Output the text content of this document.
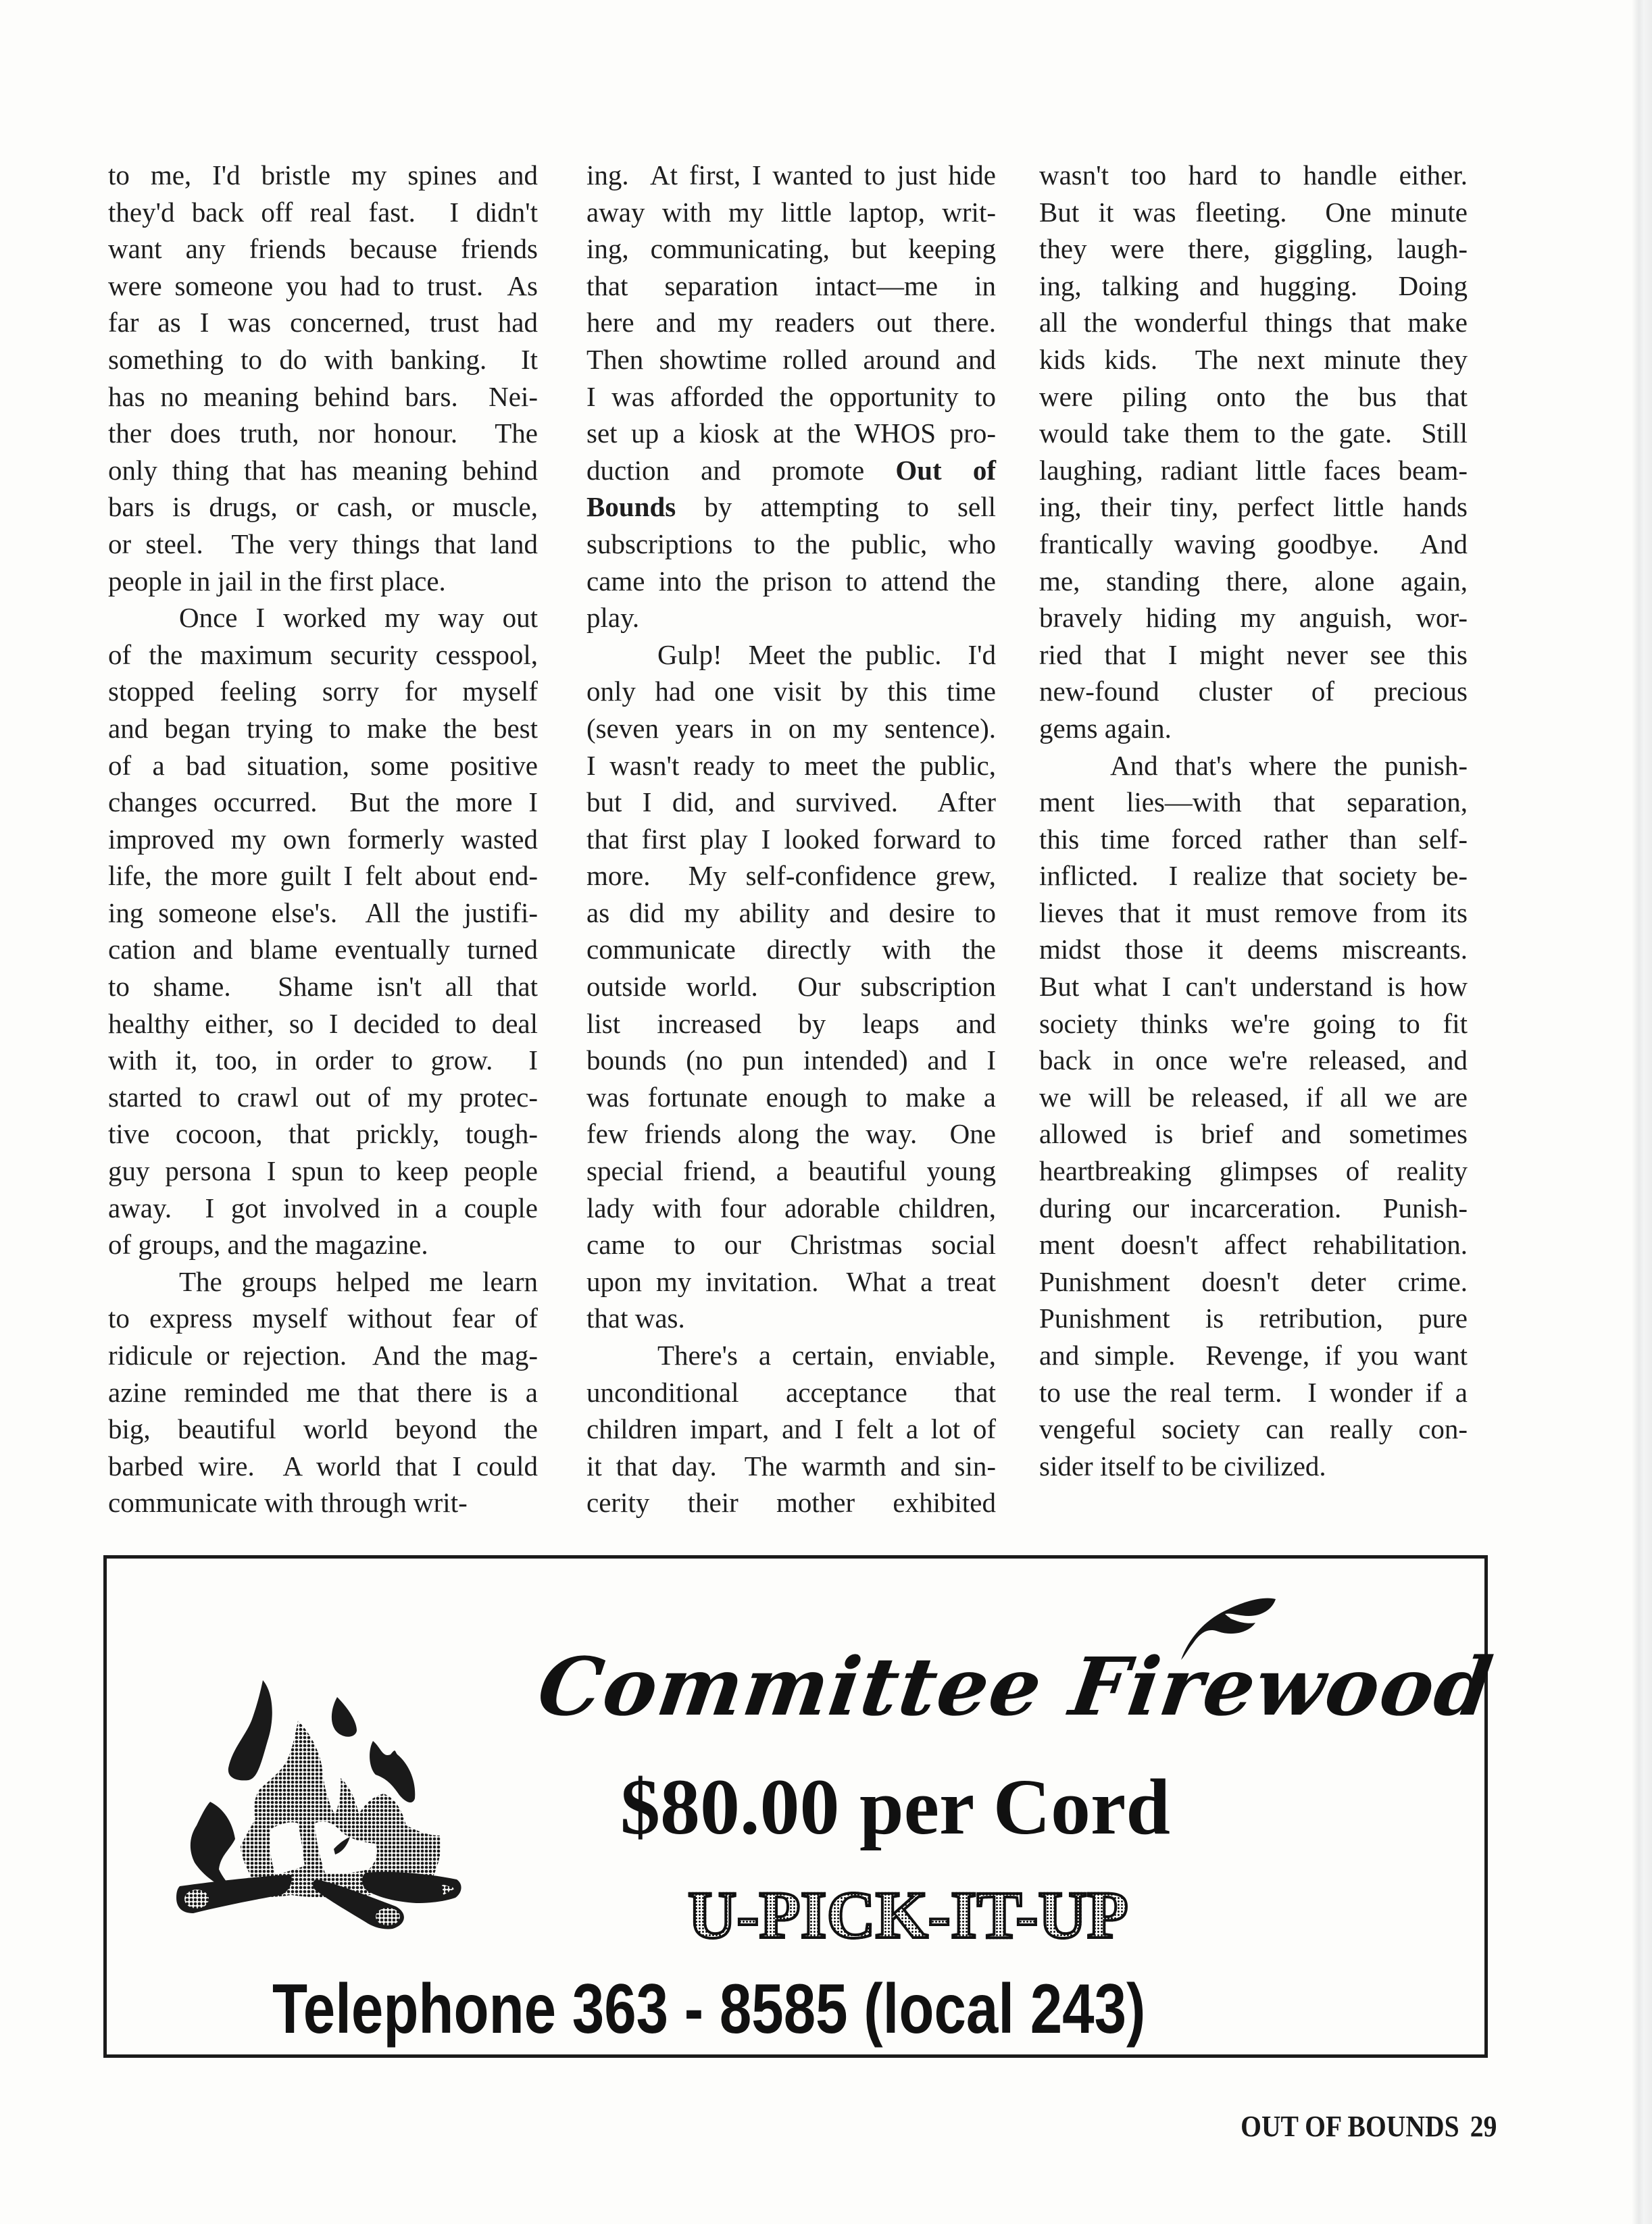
to me, I'd bristle my spines and
they'd back off real fast.  I didn't
want any friends because friends
were someone you had to trust.  As
far as I was concerned, trust had
something to do with banking.  It
has no meaning behind bars.  Nei-
ther does truth, nor honour.  The
only thing that has meaning behind
bars is drugs, or cash, or muscle,
or steel.  The very things that land
people in jail in the first place.
Once I worked my way out
of the maximum security cesspool,
stopped feeling sorry for myself
and began trying to make the best
of a bad situation, some positive
changes occurred.  But the more I
improved my own formerly wasted
life, the more guilt I felt about end-
ing someone else's.  All the justifi-
cation and blame eventually turned
to shame.  Shame isn't all that
healthy either, so I decided to deal
with it, too, in order to grow.  I
started to crawl out of my protec-
tive cocoon, that prickly, tough-
guy persona I spun to keep people
away.  I got involved in a couple
of groups, and the magazine.
The groups helped me learn
to express myself without fear of
ridicule or rejection.  And the mag-
azine reminded me that there is a
big, beautiful world beyond the
barbed wire.  A world that I could
communicate with through writ-
ing.  At first, I wanted to just hide
away with my little laptop, writ-
ing, communicating, but keeping
that separation intact—me in
here and my readers out there.
Then showtime rolled around and
I was afforded the opportunity to
set up a kiosk at the WHOS pro-
duction and promote Out of
Bounds by attempting to sell
subscriptions to the public, who
came into the prison to attend the
play.
Gulp!  Meet the public.  I'd
only had one visit by this time
(seven years in on my sentence).
I wasn't ready to meet the public,
but I did, and survived.  After
that first play I looked forward to
more.  My self-confidence grew,
as did my ability and desire to
communicate directly with the
outside world.  Our subscription
list increased by leaps and
bounds (no pun intended) and I
was fortunate enough to make a
few friends along the way.  One
special friend, a beautiful young
lady with four adorable children,
came to our Christmas social
upon my invitation.  What a treat
that was.
There's a certain, enviable,
unconditional acceptance that
children impart, and I felt a lot of
it that day.  The warmth and sin-
cerity their mother exhibited
wasn't too hard to handle either.
But it was fleeting.  One minute
they were there, giggling, laugh-
ing, talking and hugging.  Doing
all the wonderful things that make
kids kids.  The next minute they
were piling onto the bus that
would take them to the gate.  Still
laughing, radiant little faces beam-
ing, their tiny, perfect little hands
frantically waving goodbye.  And
me, standing there, alone again,
bravely hiding my anguish, wor-
ried that I might never see this
new-found cluster of precious
gems again.
And that's where the punish-
ment lies—with that separation,
this time forced rather than self-
inflicted.  I realize that society be-
lieves that it must remove from its
midst those it deems miscreants.
But what I can't understand is how
society thinks we're going to fit
back in once we're released, and
we will be released, if all we are
allowed is brief and sometimes
heartbreaking glimpses of reality
during our incarceration.  Punish-
ment doesn't affect rehabilitation.
Punishment doesn't deter crime.
Punishment is retribution, pure
and simple.  Revenge, if you want
to use the real term.  I wonder if a
vengeful society can really con-
sider itself to be civilized.
Committee Firewood
$80.00 per Cord
U-PICK-IT-UP
Telephone 363 - 8585 (local 243)
OUT OF BOUNDS 29
